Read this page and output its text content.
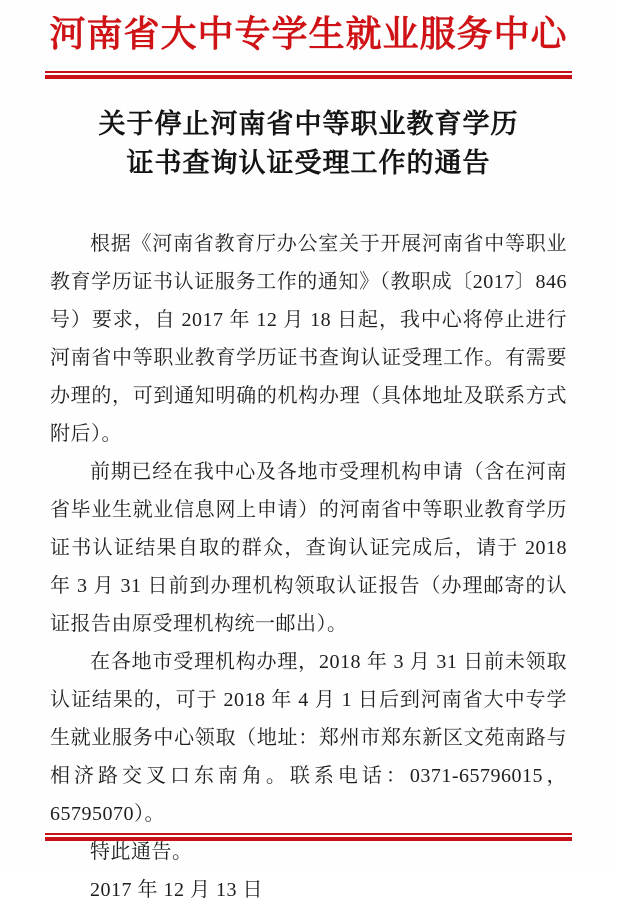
河南省大中专学生就业服务中心
关于停止河南省中等职业教育学历
证书查询认证受理工作的通告

根据《河南省教育厅办公室关于开展河南省中等职业教育学历证书认证服务工作的通知》（教职成〔2017〕846 号）要求，自 2017 年 12 月 18 日起，我中心将停止进行河南省中等职业教育学历证书查询认证受理工作。有需要办理的，可到通知明确的机构办理（具体地址及联系方式附后）。

前期已经在我中心及各地市受理机构申请（含在河南省毕业生就业信息网上申请）的河南省中等职业教育学历证书认证结果自取的群众，查询认证完成后，请于 2018 年 3 月 31 日前到办理机构领取认证报告（办理邮寄的认证报告由原受理机构统一邮出）。

在各地市受理机构办理，2018 年 3 月 31 日前未领取认证结果的，可于 2018 年 4 月 1 日后到河南省大中专学生就业服务中心领取（地址：郑州市郑东新区文苑南路与相济路交叉口东南角。联系电话：0371-65796015，65795070）。

特此通告。

2017 年 12 月 13 日
